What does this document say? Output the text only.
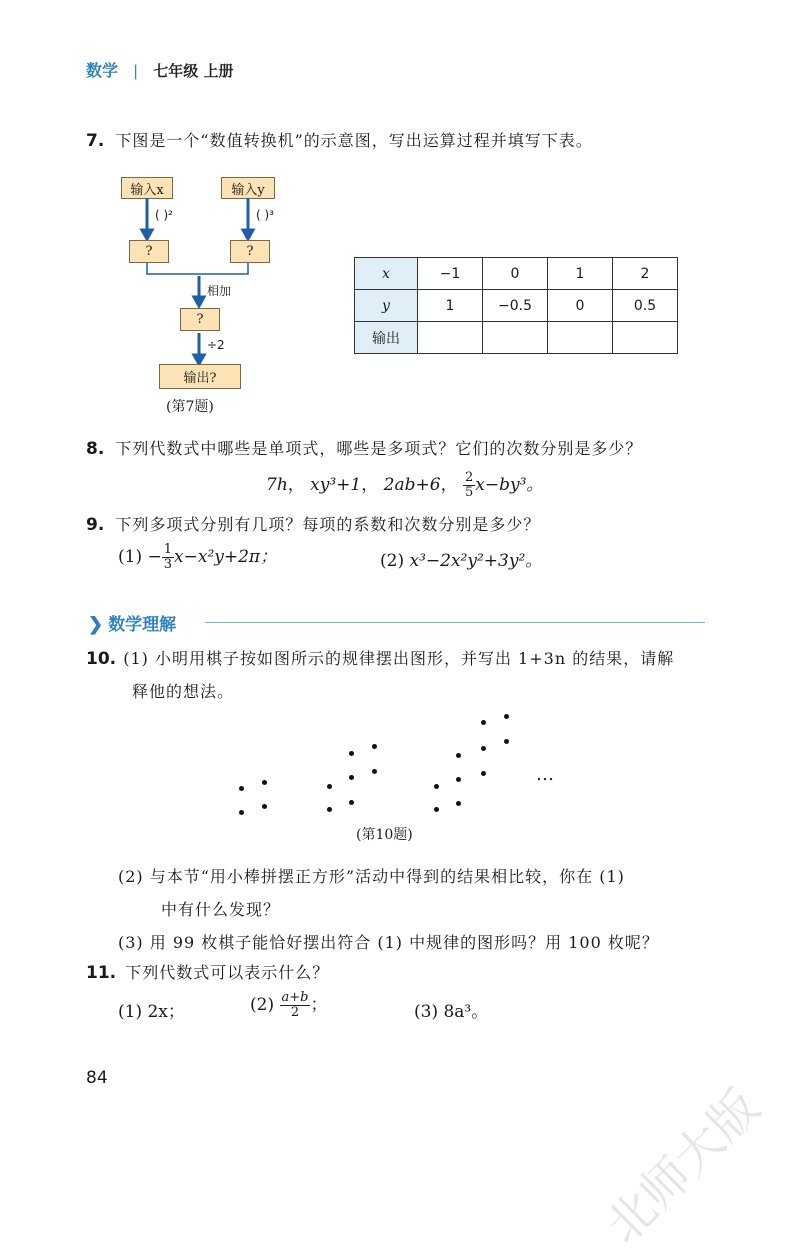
数学 | 七年级 上册
7. 下图是一个“数值转换机”的示意图，写出运算过程并填写下表。
输入x	输入y
( )²	( )³
?	?
相加
?
÷2
输出?
(第7题)
x	−1	0	1	2
y	1	−0.5	0	0.5
输出				
8. 下列代数式中哪些是单项式，哪些是多项式？它们的次数分别是多少？
7h， xy³+1， 2ab+6， $\frac{2}{5} x-by^3$。
9. 下列多项式分别有几项？每项的系数和次数分别是多少？
$(1) - \frac{1}{3} x-x^2y+2\pi$；	(2) x³−2x²y²+3y²。
❯ 数学理解
10. (1) 小明用棋子按如图所示的规律摆出图形，并写出 1+3n 的结果，请解
释他的想法。
…
(第10题)
(2) 与本节“用小棒拼摆正方形”活动中得到的结果相比较，你在 (1)
中有什么发现？
(3) 用 99 枚棋子能恰好摆出符合 (1) 中规律的图形吗？用 100 枚呢？
11. 下列代数式可以表示什么？
(1) 2x；	$(2) \frac{a+b}{2}$ ；	(3) 8a³。
84
北师大版
